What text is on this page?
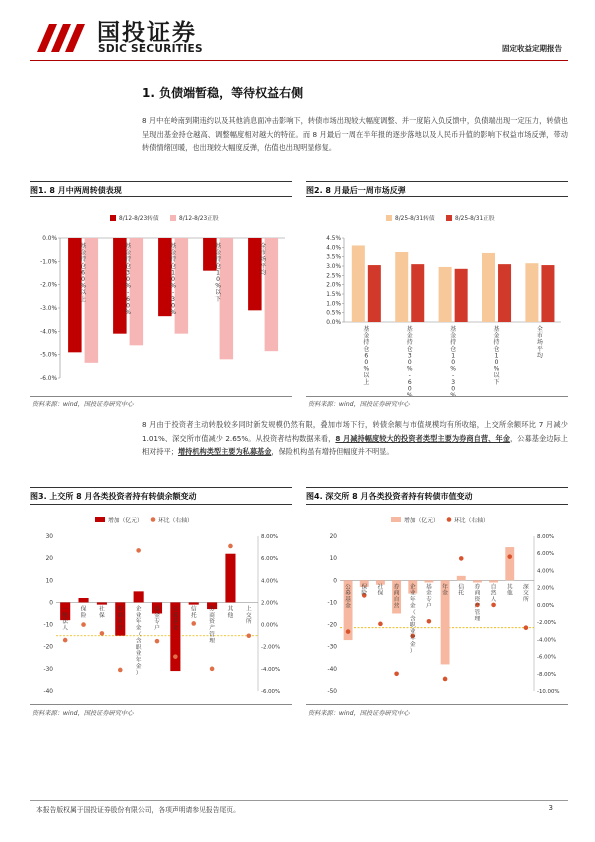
国投证券
SDIC SECURITIES	固定收益定期报告
1. 负债端暂稳，等待权益右侧
8 月中在岭南到期违约以及其他消息面冲击影响下，转债市场出现较大幅度调整、并一度陷入负反馈中，负债端出现一定压力，转债也呈现出基金持仓越高、调整幅度相对越大的特征。而 8 月最后一周在半年报的逐步落地以及人民币升值的影响下权益市场反弹，带动转债情绪回暖，也出现较大幅度反弹，估值也出现明显修复。
图1. 8 月中两周转债表现
8/12-8/23转债	8/12-8/23正股
0.0%
-1.0%
-2.0%
-3.0%
-4.0%
-5.0%
-6.0%
基
金
持
仓
6
0
%
以
上
基
金
持
仓
3
0
%
-
6
0
%
基
金
持
仓
1
0
%
-
3
0
%
基
金
持
仓
1
0
%
以
下
全
市
场
平
均
资料来源：wind，国投证券研究中心
图2. 8 月最后一周市场反弹
8/25-8/31转债	8/25-8/31正股
4.5%
4.0%
3.5%
3.0%
2.5%
2.0%
1.5%
1.0%
0.5%
0.0%
基
金
持
仓
6
0
%
以
上
基
金
持
仓
3
0
%
-
6
0
基
金
持
仓
1
0
%
-
3
0
基
金
持
仓
1
0
%
以
下
全
市
场
平
均
资料来源：wind，国投证券研究中心
8 月由于投资者主动转股较多同时新发规模仍然有限，叠加市场下行，转债余额与市值规模均有所收缩，上交所余额环比 7 月减少 1.01%、深交所市值减少 2.65%。从投资者结构数据来看，8 月减持幅度较大的投资者类型主要为券商自营、年金，公募基金边际上相对持平；增持机构类型主要为私募基金，保险机构虽有增持但幅度并不明显。
图3. 上交所 8 月各类投资者持有转债余额变动
增加（亿元）	环比（右轴）
30
20
10
0
-10
-20
-30
-40
8.00%
6.00%
4.00%
2.00%
0.00%
-2.00%
-4.00%
-6.00%
一
般
法
人
保
险
社
保
券
商
自
营
企
业
年
金
（
含
职
业
年
金
）
基
金
专
户
公
募
基
金
信
托
券
商
资
产
管
理
其
他
上
交
所
资料来源：wind，国投证券研究中心
图4. 深交所 8 月各类投资者持有转债市值变动
增加（亿元）	环比（右轴）
20
10
0
-10
-20
-30
-40
-50
8.00%
6.00%
4.00%
2.00%
0.00%
-2.00%
-4.00%
-6.00%
-8.00%
-10.00%
公
募
基
金
保
险
社
保
券
商
自
营
企
业
年
金
（
含
职
业
年
金
）
基
金
专
户
年
金
信
托
券
商
资
产
管
理
自
然
人
其
他
深
交
所
资料来源：wind，国投证券研究中心
本报告版权属于国投证券股份有限公司，各项声明请参见报告尾页。	3
